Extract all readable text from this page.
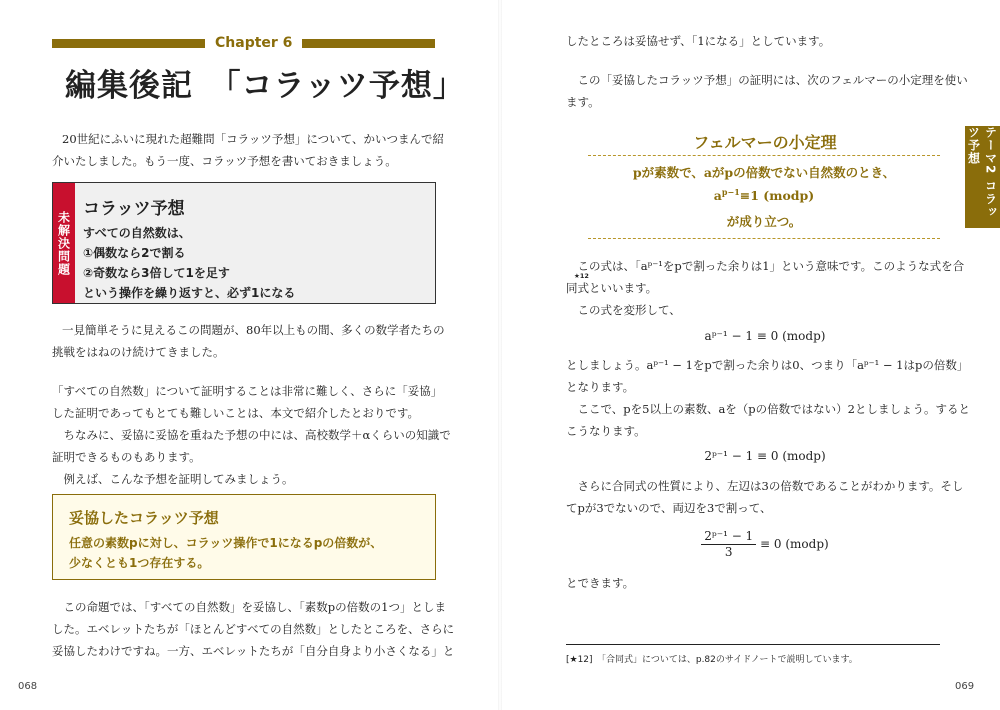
Chapter 6
編集後記　「コラッツ予想」

20世紀にふいに現れた超難問「コラッツ予想」について、かいつまんで紹

介いたしました。もう一度、コラッツ予想を書いておきましょう。

未解決問題
コラッツ予想

すべての自然数は、

①偶数なら2で割る

②奇数なら3倍して1を足す

という操作を繰り返すと、必ず1になる

一見簡単そうに見えるこの問題が、80年以上もの間、多くの数学者たちの

挑戦をはねのけ続けてきました。

「すべての自然数」について証明することは非常に難しく、さらに「妥協」

した証明であってもとても難しいことは、本文で紹介したとおりです。

　ちなみに、妥協に妥協を重ねた予想の中には、高校数学＋αくらいの知識で

証明できるものもあります。

　例えば、こんな予想を証明してみましょう。

妥協したコラッツ予想

任意の素数pに対し、コラッツ操作で1になるpの倍数が、

少なくとも1つ存在する。

　この命題では、「すべての自然数」を妥協し、「素数pの倍数の1つ」としま

した。エベレットたちが「ほとんどすべての自然数」としたところを、さらに

妥協したわけですね。一方、エベレットたちが「自分自身より小さくなる」と

068

したところは妥協せず、「1になる」としています。

　この「妥協したコラッツ予想」の証明には、次のフェルマーの小定理を使い

ます。

フェルマーの小定理
pが素数で、aがpの倍数でない自然数のとき、
$a^{p-1}\equiv 1$ (modp)
が成り立つ。

　この式は、「aᵖ⁻¹をpで割った余りは1」という意味です。このような式を合

同式といいます。

　この式を変形して、

aᵖ⁻¹ − 1 ≡ 0 (modp)

としましょう。aᵖ⁻¹ − 1をpで割った余りは0、つまり「aᵖ⁻¹ − 1はpの倍数」

となります。

　ここで、pを5以上の素数、aを（pの倍数ではない）2としましょう。すると

こうなります。

2ᵖ⁻¹ − 1 ≡ 0 (modp)

　さらに合同式の性質により、左辺は3の倍数であることがわかります。そし

てpが3でないので、両辺を3で割って、

$\frac{\text{2ᵖ⁻¹ − 1}}{3} \equiv 0$ (modp)

とできます。

テーマ2 コラッツ予想
[★12]　「合同式」については、p.82のサイドノートで説明しています。
069
★12
